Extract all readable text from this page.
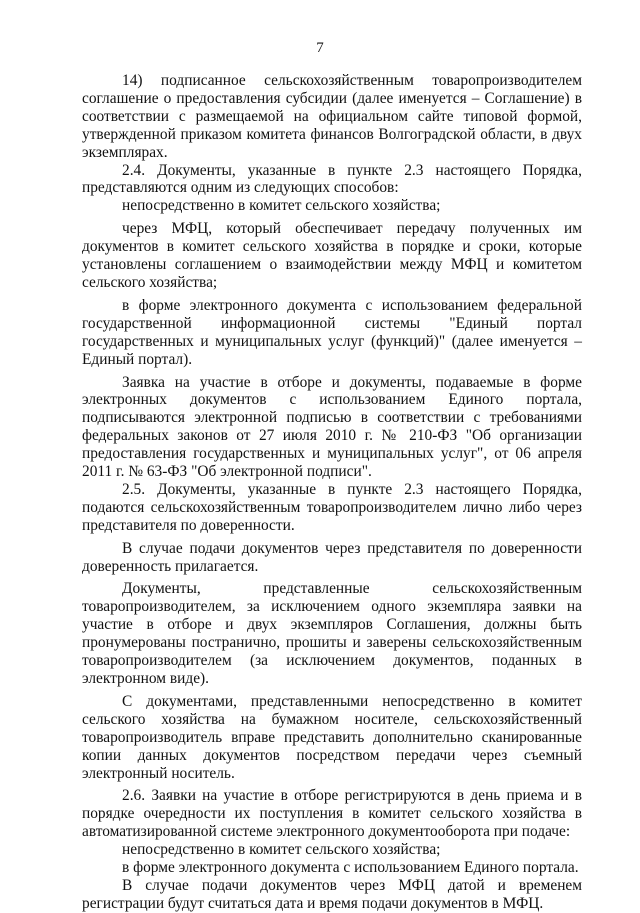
7

14) подписанное сельскохозяйственным товаропроизводителем соглашение о предоставления субсидии (далее именуется – Соглашение) в соответствии с размещаемой на официальном сайте типовой формой, утвержденной приказом комитета финансов Волгоградской области, в двух экземплярах.

2.4. Документы, указанные в пункте 2.3 настоящего Порядка, представляются одним из следующих способов:

непосредственно в комитет сельского хозяйства;

через МФЦ, который обеспечивает передачу полученных им документов в комитет сельского хозяйства в порядке и сроки, которые установлены соглашением о взаимодействии между МФЦ и комитетом сельского хозяйства;

в форме электронного документа с использованием федеральной государственной информационной системы "Единый портал государственных и муниципальных услуг (функций)" (далее именуется – Единый портал).

Заявка на участие в отборе и документы, подаваемые в форме электронных документов с использованием Единого портала, подписываются электронной подписью в соответствии с требованиями федеральных законов от 27 июля 2010 г. № 210-ФЗ "Об организации предоставления государственных и муниципальных услуг", от 06 апреля 2011 г. № 63-ФЗ "Об электронной подписи".

2.5. Документы, указанные в пункте 2.3 настоящего Порядка, подаются сельскохозяйственным товаропроизводителем лично либо через представителя по доверенности.

В случае подачи документов через представителя по доверенности доверенность прилагается.

Документы, представленные сельскохозяйственным товаропроизводителем, за исключением одного экземпляра заявки на участие в отборе и двух экземпляров Соглашения, должны быть пронумерованы постранично, прошиты и заверены сельскохозяйственным товаропроизводителем (за исключением документов, поданных в электронном виде).

С документами, представленными непосредственно в комитет сельского хозяйства на бумажном носителе, сельскохозяйственный товаропроизводитель вправе представить дополнительно сканированные копии данных документов посредством передачи через съемный электронный носитель.

2.6. Заявки на участие в отборе регистрируются в день приема и в порядке очередности их поступления в комитет сельского хозяйства в автоматизированной системе электронного документооборота при подаче:

непосредственно в комитет сельского хозяйства;

в форме электронного документа с использованием Единого портала.

В случае подачи документов через МФЦ датой и временем регистрации будут считаться дата и время подачи документов в МФЦ.
